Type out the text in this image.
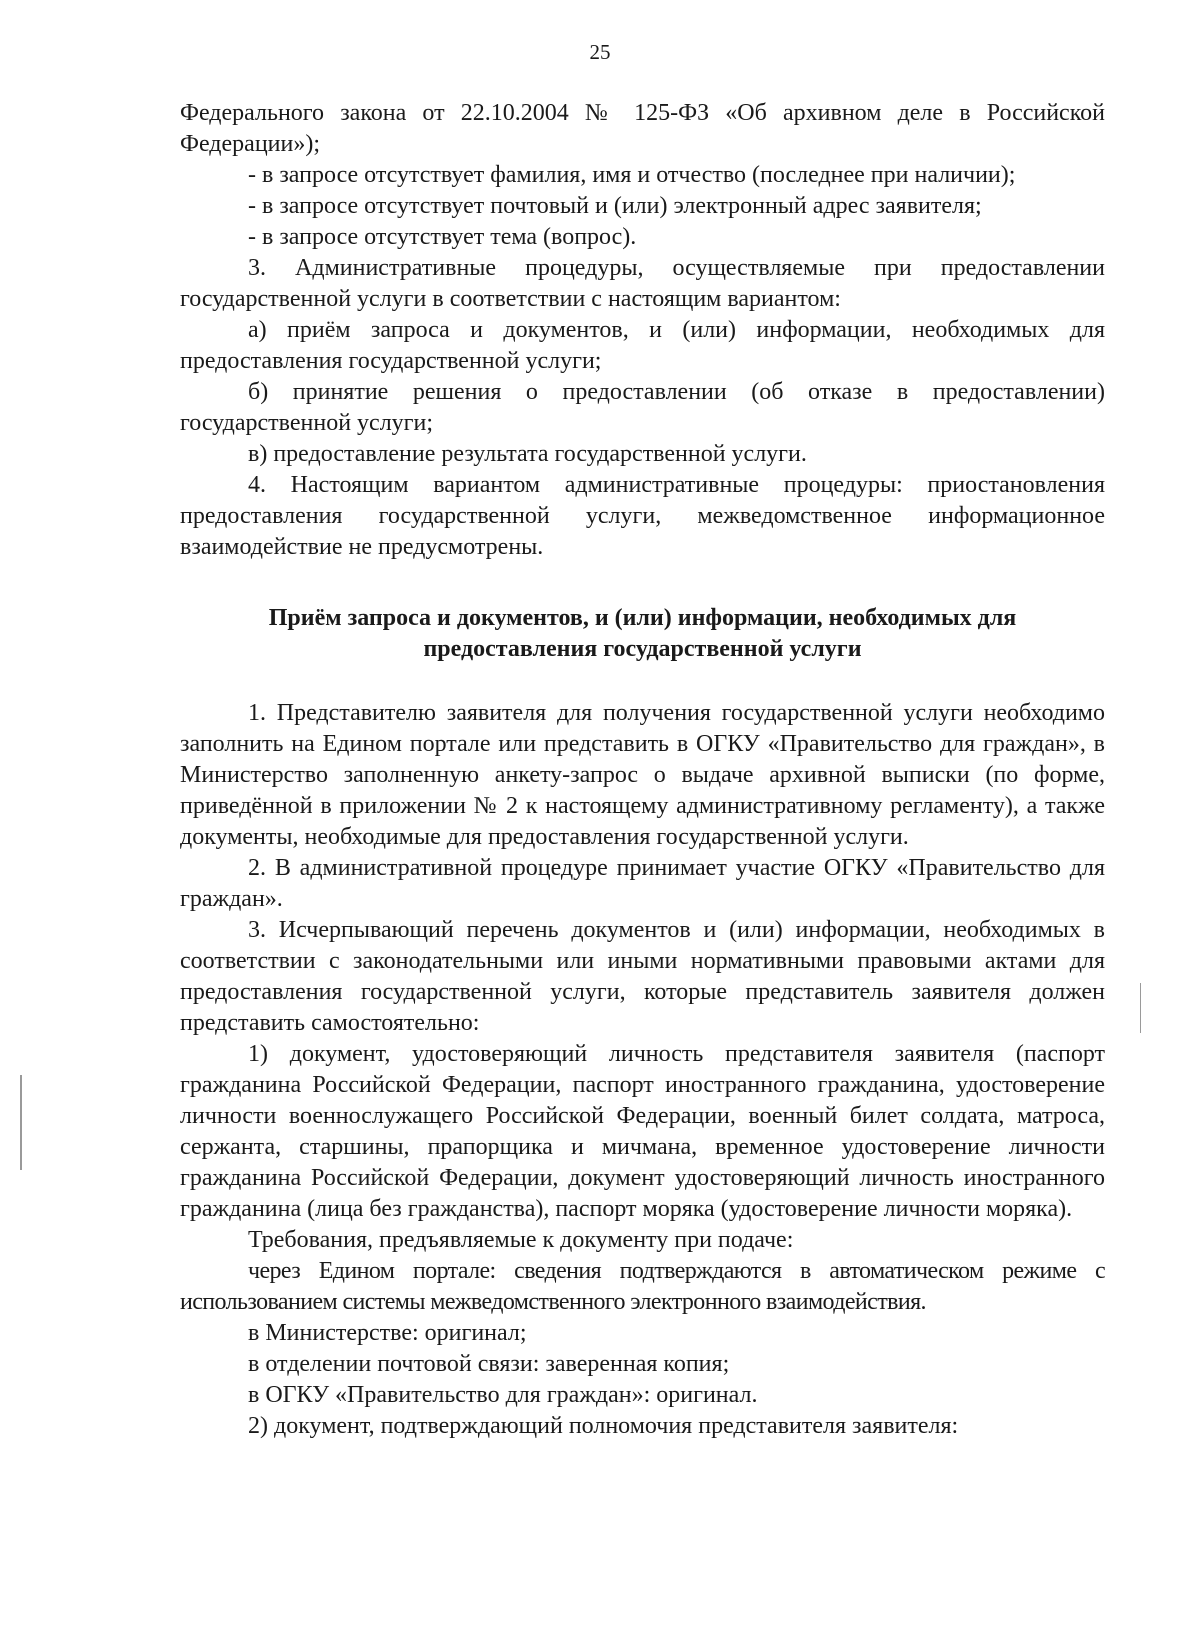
25

Федерального закона от 22.10.2004 № 125-ФЗ «Об архивном деле в Российской Федерации»);

- в запросе отсутствует фамилия, имя и отчество (последнее при наличии);

- в запросе отсутствует почтовый и (или) электронный адрес заявителя;

- в запросе отсутствует тема (вопрос).

3. Административные процедуры, осуществляемые при предоставлении государственной услуги в соответствии с настоящим вариантом:

а) приём запроса и документов, и (или) информации, необходимых для предоставления государственной услуги;

б) принятие решения о предоставлении (об отказе в предоставлении) государственной услуги;

в) предоставление результата государственной услуги.

4. Настоящим вариантом административные процедуры: приостановления предоставления государственной услуги, межведомственное информационное взаимодействие не предусмотрены.

Приём запроса и документов, и (или) информации, необходимых для предоставления государственной услуги

1. Представителю заявителя для получения государственной услуги необходимо заполнить на Едином портале или представить в ОГКУ «Правительство для граждан», в Министерство заполненную анкету-запрос о выдаче архивной выписки (по форме, приведённой в приложении № 2 к настоящему административному регламенту), а также документы, необходимые для предоставления государственной услуги.

2. В административной процедуре принимает участие ОГКУ «Правительство для граждан».

3. Исчерпывающий перечень документов и (или) информации, необходимых в соответствии с законодательными или иными нормативными правовыми актами для предоставления государственной услуги, которые представитель заявителя должен представить самостоятельно:

1) документ, удостоверяющий личность представителя заявителя (паспорт гражданина Российской Федерации, паспорт иностранного гражданина, удостоверение личности военнослужащего Российской Федерации, военный билет солдата, матроса, сержанта, старшины, прапорщика и мичмана, временное удостоверение личности гражданина Российской Федерации, документ удостоверяющий личность иностранного гражданина (лица без гражданства), паспорт моряка (удостоверение личности моряка).

Требования, предъявляемые к документу при подаче:

через Едином портале: сведения подтверждаются в автоматическом режиме с использованием системы межведомственного электронного взаимодействия.

в Министерстве: оригинал;

в отделении почтовой связи: заверенная копия;

в ОГКУ «Правительство для граждан»: оригинал.

2) документ, подтверждающий полномочия представителя заявителя:
